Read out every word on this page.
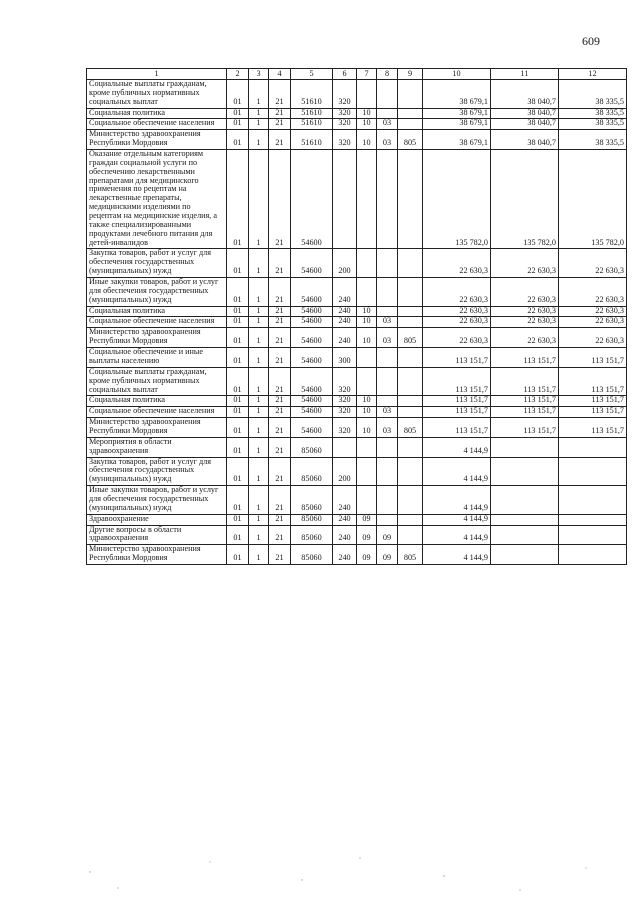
609
1	2	3	4	5	6	7	8	9	10	11	12
Социальные выплаты гражданам, кроме публичных нормативных социальных выплат	01	1	21	51610	320				38 679,1	38 040,7	38 335,5
Социальная политика	01	1	21	51610	320	10			38 679,1	38 040,7	38 335,5
Социальное обеспечение населения	01	1	21	51610	320	10	03		38 679,1	38 040,7	38 335,5
Министерство здравоохранения Республики Мордовия	01	1	21	51610	320	10	03	805	38 679,1	38 040,7	38 335,5
Оказание отдельным категориям граждан социальной услуги по обеспечению лекарственными препаратами для медицинского применения по рецептам на лекарственные препараты, медицинскими изделиями по рецептам на медицинские изделия, а также специализированными продуктами лечебного питания для детей-инвалидов	01	1	21	54600					135 782,0	135 782,0	135 782,0
Закупка товаров, работ и услуг для обеспечения государственных (муниципальных) нужд	01	1	21	54600	200				22 630,3	22 630,3	22 630,3
Иные закупки товаров, работ и услуг для обеспечения государственных (муниципальных) нужд	01	1	21	54600	240				22 630,3	22 630,3	22 630,3
Социальная политика	01	1	21	54600	240	10			22 630,3	22 630,3	22 630,3
Социальное обеспечение населения	01	1	21	54600	240	10	03		22 630,3	22 630,3	22 630,3
Министерство здравоохранения Республики Мордовия	01	1	21	54600	240	10	03	805	22 630,3	22 630,3	22 630,3
Социальное обеспечение и иные выплаты населению	01	1	21	54600	300				113 151,7	113 151,7	113 151,7
Социальные выплаты гражданам, кроме публичных нормативных социальных выплат	01	1	21	54600	320				113 151,7	113 151,7	113 151,7
Социальная политика	01	1	21	54600	320	10			113 151,7	113 151,7	113 151,7
Социальное обеспечение населения	01	1	21	54600	320	10	03		113 151,7	113 151,7	113 151,7
Министерство здравоохранения Республики Мордовия	01	1	21	54600	320	10	03	805	113 151,7	113 151,7	113 151,7
Мероприятия в области здравоохранения	01	1	21	85060					4 144,9		
Закупка товаров, работ и услуг для обеспечения государственных (муниципальных) нужд	01	1	21	85060	200				4 144,9		
Иные закупки товаров, работ и услуг для обеспечения государственных (муниципальных) нужд	01	1	21	85060	240				4 144,9		
Здравоохранение	01	1	21	85060	240	09			4 144,9		
Другие вопросы в области здравоохранения	01	1	21	85060	240	09	09		4 144,9		
Министерство здравоохранения Республики Мордовия	01	1	21	85060	240	09	09	805	4 144,9		
